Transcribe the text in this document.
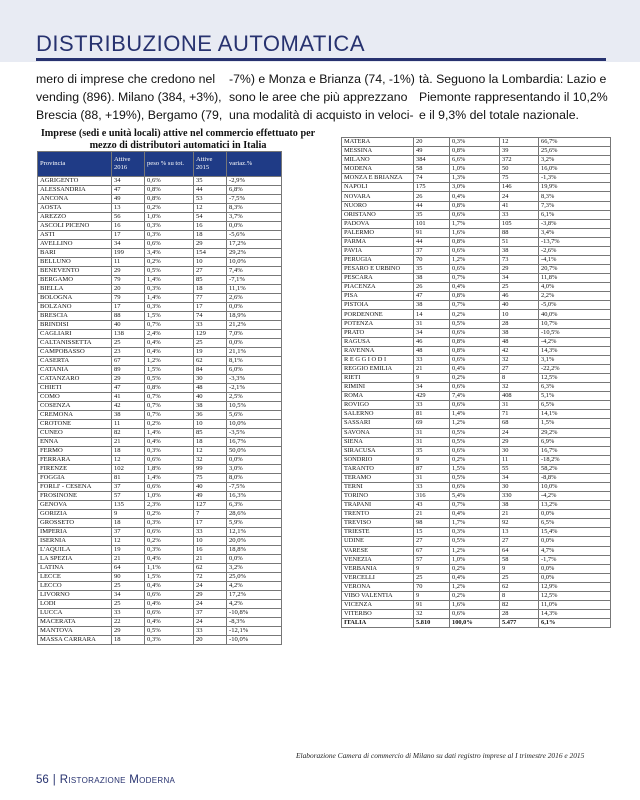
DISTRIBUZIONE AUTOMATICA
mero di imprese che credono nel
vending (896). Milano (384, +3%),
Brescia (88, +19%), Bergamo (79,
-7%) e Monza e Brianza (74, -1%)
sono le aree che più apprezzano
una modalità di acquisto in veloci-
tà. Seguono la Lombardia: Lazio e
Piemonte rappresentando il 10,2%
e il 9,3% del totale nazionale.
Imprese (sedi e unità locali) attive nel commercio effettuato per mezzo di distributori automatici in Italia
Provincia	Attive 2016	peso % su tot.	Attive 2015	variaz.%
AGRIGENTO	34	0,6%	35	-2,9%
ALESSANDRIA	47	0,8%	44	6,8%
ANCONA	49	0,8%	53	-7,5%
AOSTA	13	0,2%	12	8,3%
AREZZO	56	1,0%	54	3,7%
ASCOLI PICENO	16	0,3%	16	0,0%
ASTI	17	0,3%	18	-5,6%
AVELLINO	34	0,6%	29	17,2%
BARI	199	3,4%	154	29,2%
BELLUNO	11	0,2%	10	10,0%
BENEVENTO	29	0,5%	27	7,4%
BERGAMO	79	1,4%	85	-7,1%
BIELLA	20	0,3%	18	11,1%
BOLOGNA	79	1,4%	77	2,6%
BOLZANO	17	0,3%	17	0,0%
BRESCIA	88	1,5%	74	18,9%
BRINDISI	40	0,7%	33	21,2%
CAGLIARI	138	2,4%	129	7,0%
CALTANISSETTA	25	0,4%	25	0,0%
CAMPOBASSO	23	0,4%	19	21,1%
CASERTA	67	1,2%	62	8,1%
CATANIA	89	1,5%	84	6,0%
CATANZARO	29	0,5%	30	-3,3%
CHIETI	47	0,8%	48	-2,1%
COMO	41	0,7%	40	2,5%
COSENZA	42	0,7%	38	10,5%
CREMONA	38	0,7%	36	5,6%
CROTONE	11	0,2%	10	10,0%
CUNEO	82	1,4%	85	-3,5%
ENNA	21	0,4%	18	16,7%
FERMO	18	0,3%	12	50,0%
FERRARA	12	0,6%	32	0,0%
FIRENZE	102	1,8%	99	3,0%
FOGGIA	81	1,4%	75	8,0%
FORLI' - CESENA	37	0,6%	40	-7,5%
FROSINONE	57	1,0%	49	16,3%
GENOVA	135	2,3%	127	6,3%
GORIZIA	9	0,2%	7	28,6%
GROSSETO	18	0,3%	17	5,9%
IMPERIA	37	0,6%	33	12,1%
ISERNIA	12	0,2%	10	20,0%
L'AQUILA	19	0,3%	16	18,8%
LA SPEZIA	21	0,4%	21	0,0%
LATINA	64	1,1%	62	3,2%
LECCE	90	1,5%	72	25,0%
LECCO	25	0,4%	24	4,2%
LIVORNO	34	0,6%	29	17,2%
LODI	25	0,4%	24	4,2%
LUCCA	33	0,6%	37	-10,8%
MACERATA	22	0,4%	24	-8,3%
MANTOVA	29	0,5%	33	-12,1%
MASSA CARRARA	18	0,3%	20	-10,0%
MATERA	20	0,3%	12	66,7%
MESSINA	49	0,8%	39	25,6%
MILANO	384	6,6%	372	3,2%
MODENA	58	1,0%	50	16,0%
MONZA E BRIANZA	74	1,3%	75	-1,3%
NAPOLI	175	3,0%	146	19,9%
NOVARA	26	0,4%	24	8,3%
NUORO	44	0,8%	41	7,3%
ORISTANO	35	0,6%	33	6,1%
PADOVA	101	1,7%	105	-3,8%
PALERMO	91	1,6%	88	3,4%
PARMA	44	0,8%	51	-13,7%
PAVIA	37	0,6%	38	-2,6%
PERUGIA	70	1,2%	73	-4,1%
PESARO E URBINO	35	0,6%	29	20,7%
PESCARA	38	0,7%	34	11,8%
PIACENZA	26	0,4%	25	4,0%
PISA	47	0,8%	46	2,2%
PISTOIA	38	0,7%	40	-5,0%
PORDENONE	14	0,2%	10	40,0%
POTENZA	31	0,5%	28	10,7%
PRATO	34	0,6%	38	-10,5%
RAGUSA	46	0,8%	48	-4,2%
RAVENNA	48	0,8%	42	14,3%
R E G G I O D I	33	0,6%	32	3,1%
REGGIO EMILIA	21	0,4%	27	-22,2%
RIETI	9	0,2%	8	12,5%
RIMINI	34	0,6%	32	6,3%
ROMA	429	7,4%	408	5,1%
ROVIGO	33	0,6%	31	6,5%
SALERNO	81	1,4%	71	14,1%
SASSARI	69	1,2%	68	1,5%
SAVONA	31	0,5%	24	29,2%
SIENA	31	0,5%	29	6,9%
SIRACUSA	35	0,6%	30	16,7%
SONDRIO	9	0,2%	11	-18,2%
TARANTO	87	1,5%	55	58,2%
TERAMO	31	0,5%	34	-8,8%
TERNI	33	0,6%	30	10,0%
TORINO	316	5,4%	330	-4,2%
TRAPANI	43	0,7%	38	13,2%
TRENTO	21	0,4%	21	0,0%
TREVISO	98	1,7%	92	6,5%
TRIESTE	15	0,3%	13	15,4%
UDINE	27	0,5%	27	0,0%
VARESE	67	1,2%	64	4,7%
VENEZIA	57	1,0%	58	-1,7%
VERBANIA	9	0,2%	9	0,0%
VERCELLI	25	0,4%	25	0,0%
VERONA	70	1,2%	62	12,9%
VIBO VALENTIA	9	0,2%	8	12,5%
VICENZA	91	1,6%	82	11,0%
VITERBO	32	0,6%	28	14,3%
ITALIA	5.810	100,0%	5.477	6,1%
Elaborazione Camera di commercio di Milano su dati registro imprese al I trimestre 2016 e 2015
56 | Ristorazione Moderna
